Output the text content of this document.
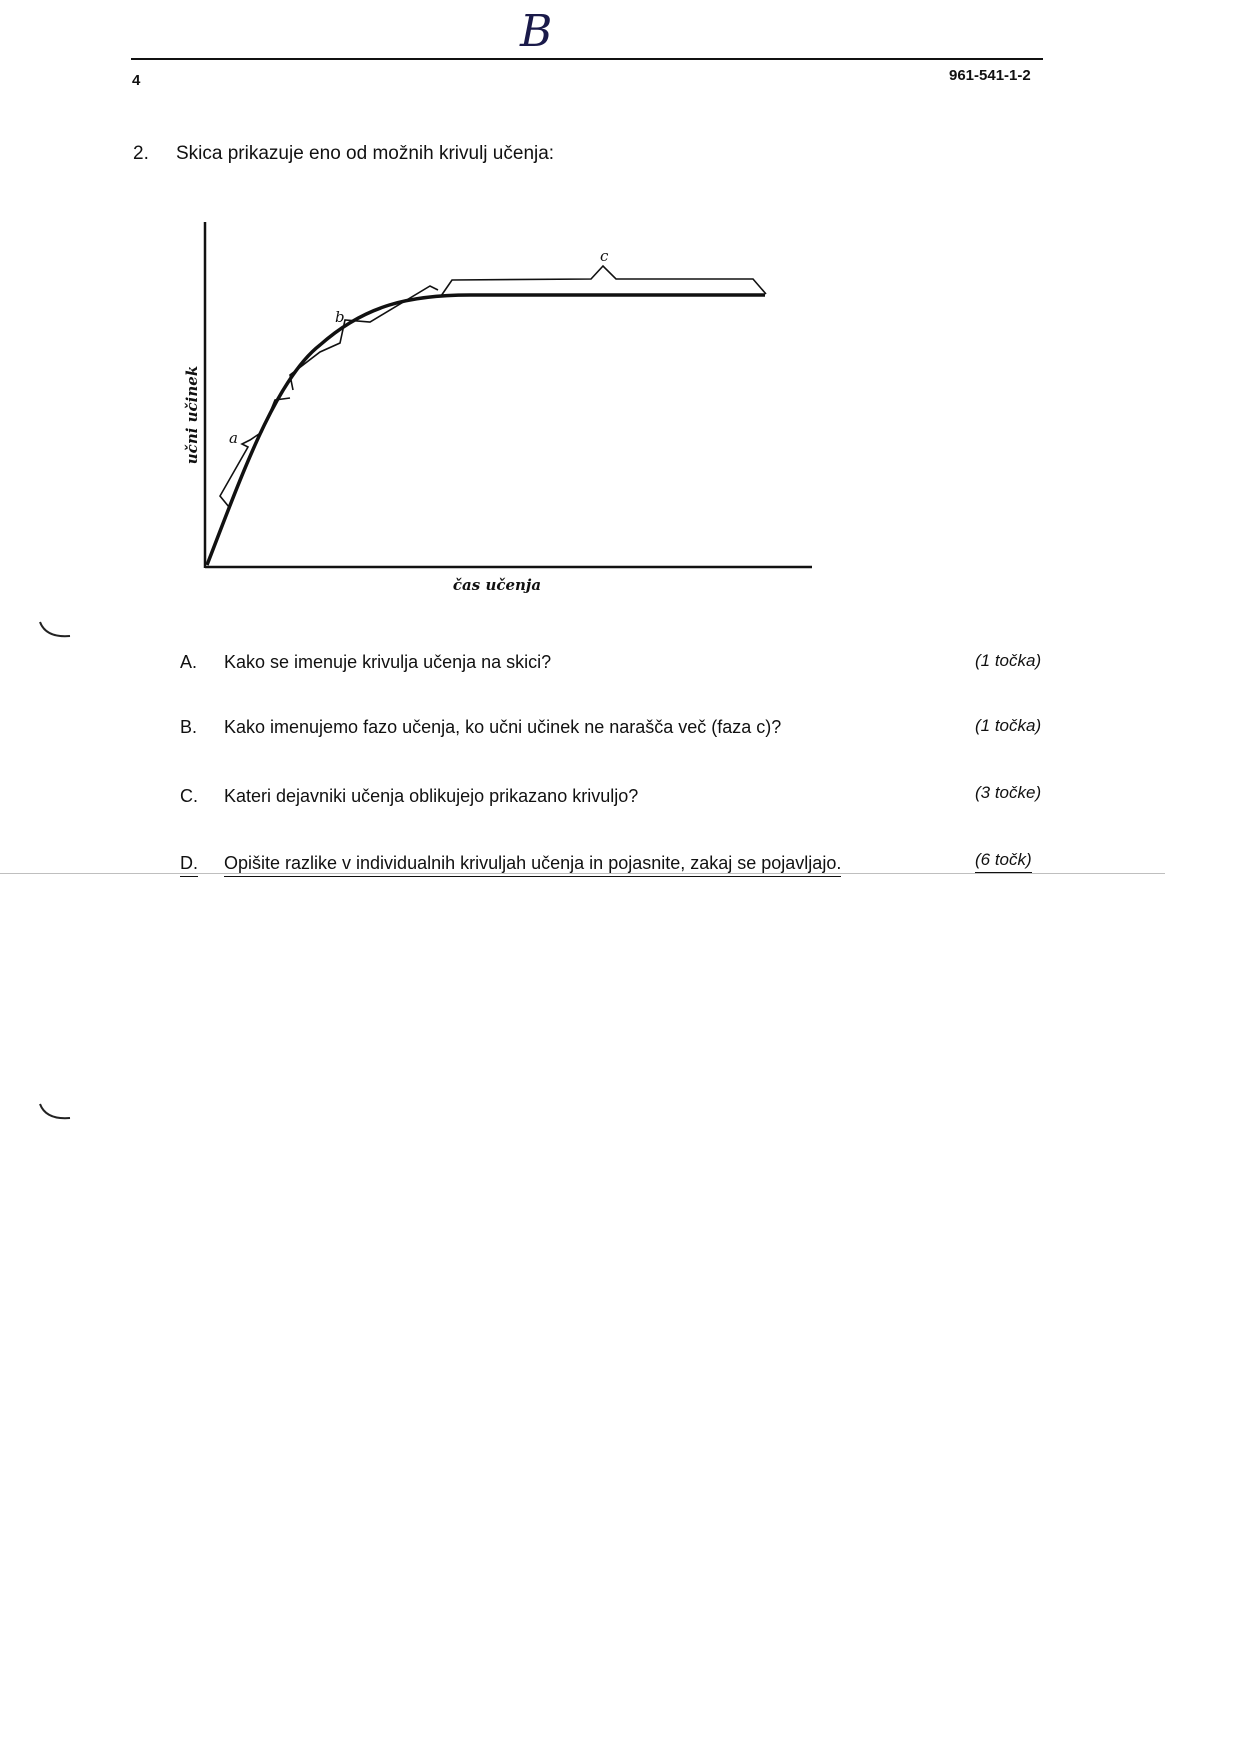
B
4	961-541-1-2
2. Skica prikazuje eno od možnih krivulj učenja:
a
b
c
učni učinek
čas učenja
A. Kako se imenuje krivulja učenja na skici?	(1 točka)
B. Kako imenujemo fazo učenja, ko učni učinek ne narašča več (faza c)?	(1 točka)
C. Kateri dejavniki učenja oblikujejo prikazano krivuljo?	(3 točke)
D. Opišite razlike v individualnih krivuljah učenja in pojasnite, zakaj se pojavljajo.	(6 točk)
